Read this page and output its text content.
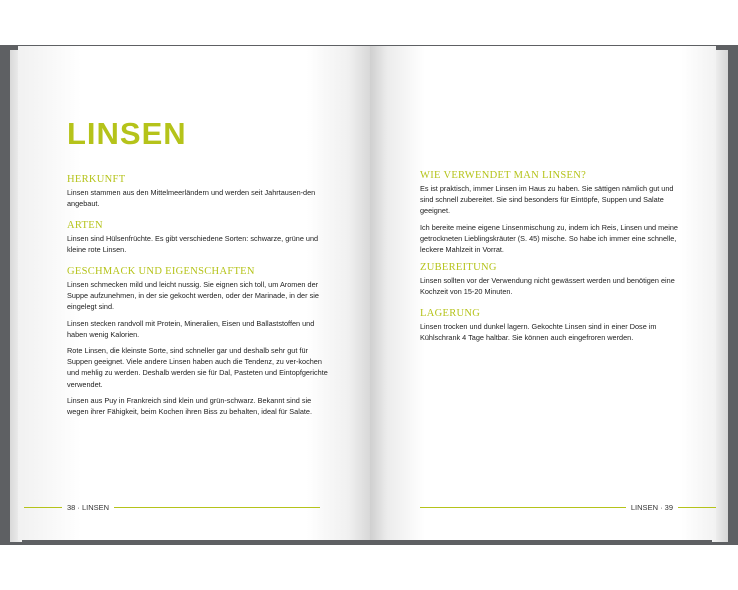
LINSEN
HERKUNFT

Linsen stammen aus den Mittelmeerländern und werden seit Jahrtausen-den angebaut.

ARTEN

Linsen sind Hülsenfrüchte. Es gibt verschiedene Sorten: schwarze, grüne und kleine rote Linsen.

GESCHMACK UND EIGENSCHAFTEN

Linsen schmecken mild und leicht nussig. Sie eignen sich toll, um Aromen der Suppe aufzunehmen, in der sie gekocht werden, oder der Marinade, in der sie eingelegt sind.

Linsen stecken randvoll mit Protein, Mineralien, Eisen und Ballaststoffen und haben wenig Kalorien.

Rote Linsen, die kleinste Sorte, sind schneller gar und deshalb sehr gut für Suppen geeignet. Viele andere Linsen haben auch die Tendenz, zu ver-kochen und mehlig zu werden. Deshalb werden sie für Dal, Pasteten und Eintopfgerichte verwendet.

Linsen aus Puy in Frankreich sind klein und grün-schwarz. Bekannt sind sie wegen ihrer Fähigkeit, beim Kochen ihren Biss zu behalten, ideal für Salate.

38 · LINSEN
WIE VERWENDET MAN LINSEN?

Es ist praktisch, immer Linsen im Haus zu haben. Sie sättigen nämlich gut und sind schnell zubereitet. Sie sind besonders für Eintöpfe, Suppen und Salate geeignet.

Ich bereite meine eigene Linsenmischung zu, indem ich Reis, Linsen und meine getrockneten Lieblingskräuter (S. 45) mische. So habe ich immer eine schnelle, leckere Mahlzeit in Vorrat.

ZUBEREITUNG

Linsen sollten vor der Verwendung nicht gewässert werden und benötigen eine Kochzeit von 15-20 Minuten.

LAGERUNG

Linsen trocken und dunkel lagern. Gekochte Linsen sind in einer Dose im Kühlschrank 4 Tage haltbar. Sie können auch eingefroren werden.

LINSEN · 39
